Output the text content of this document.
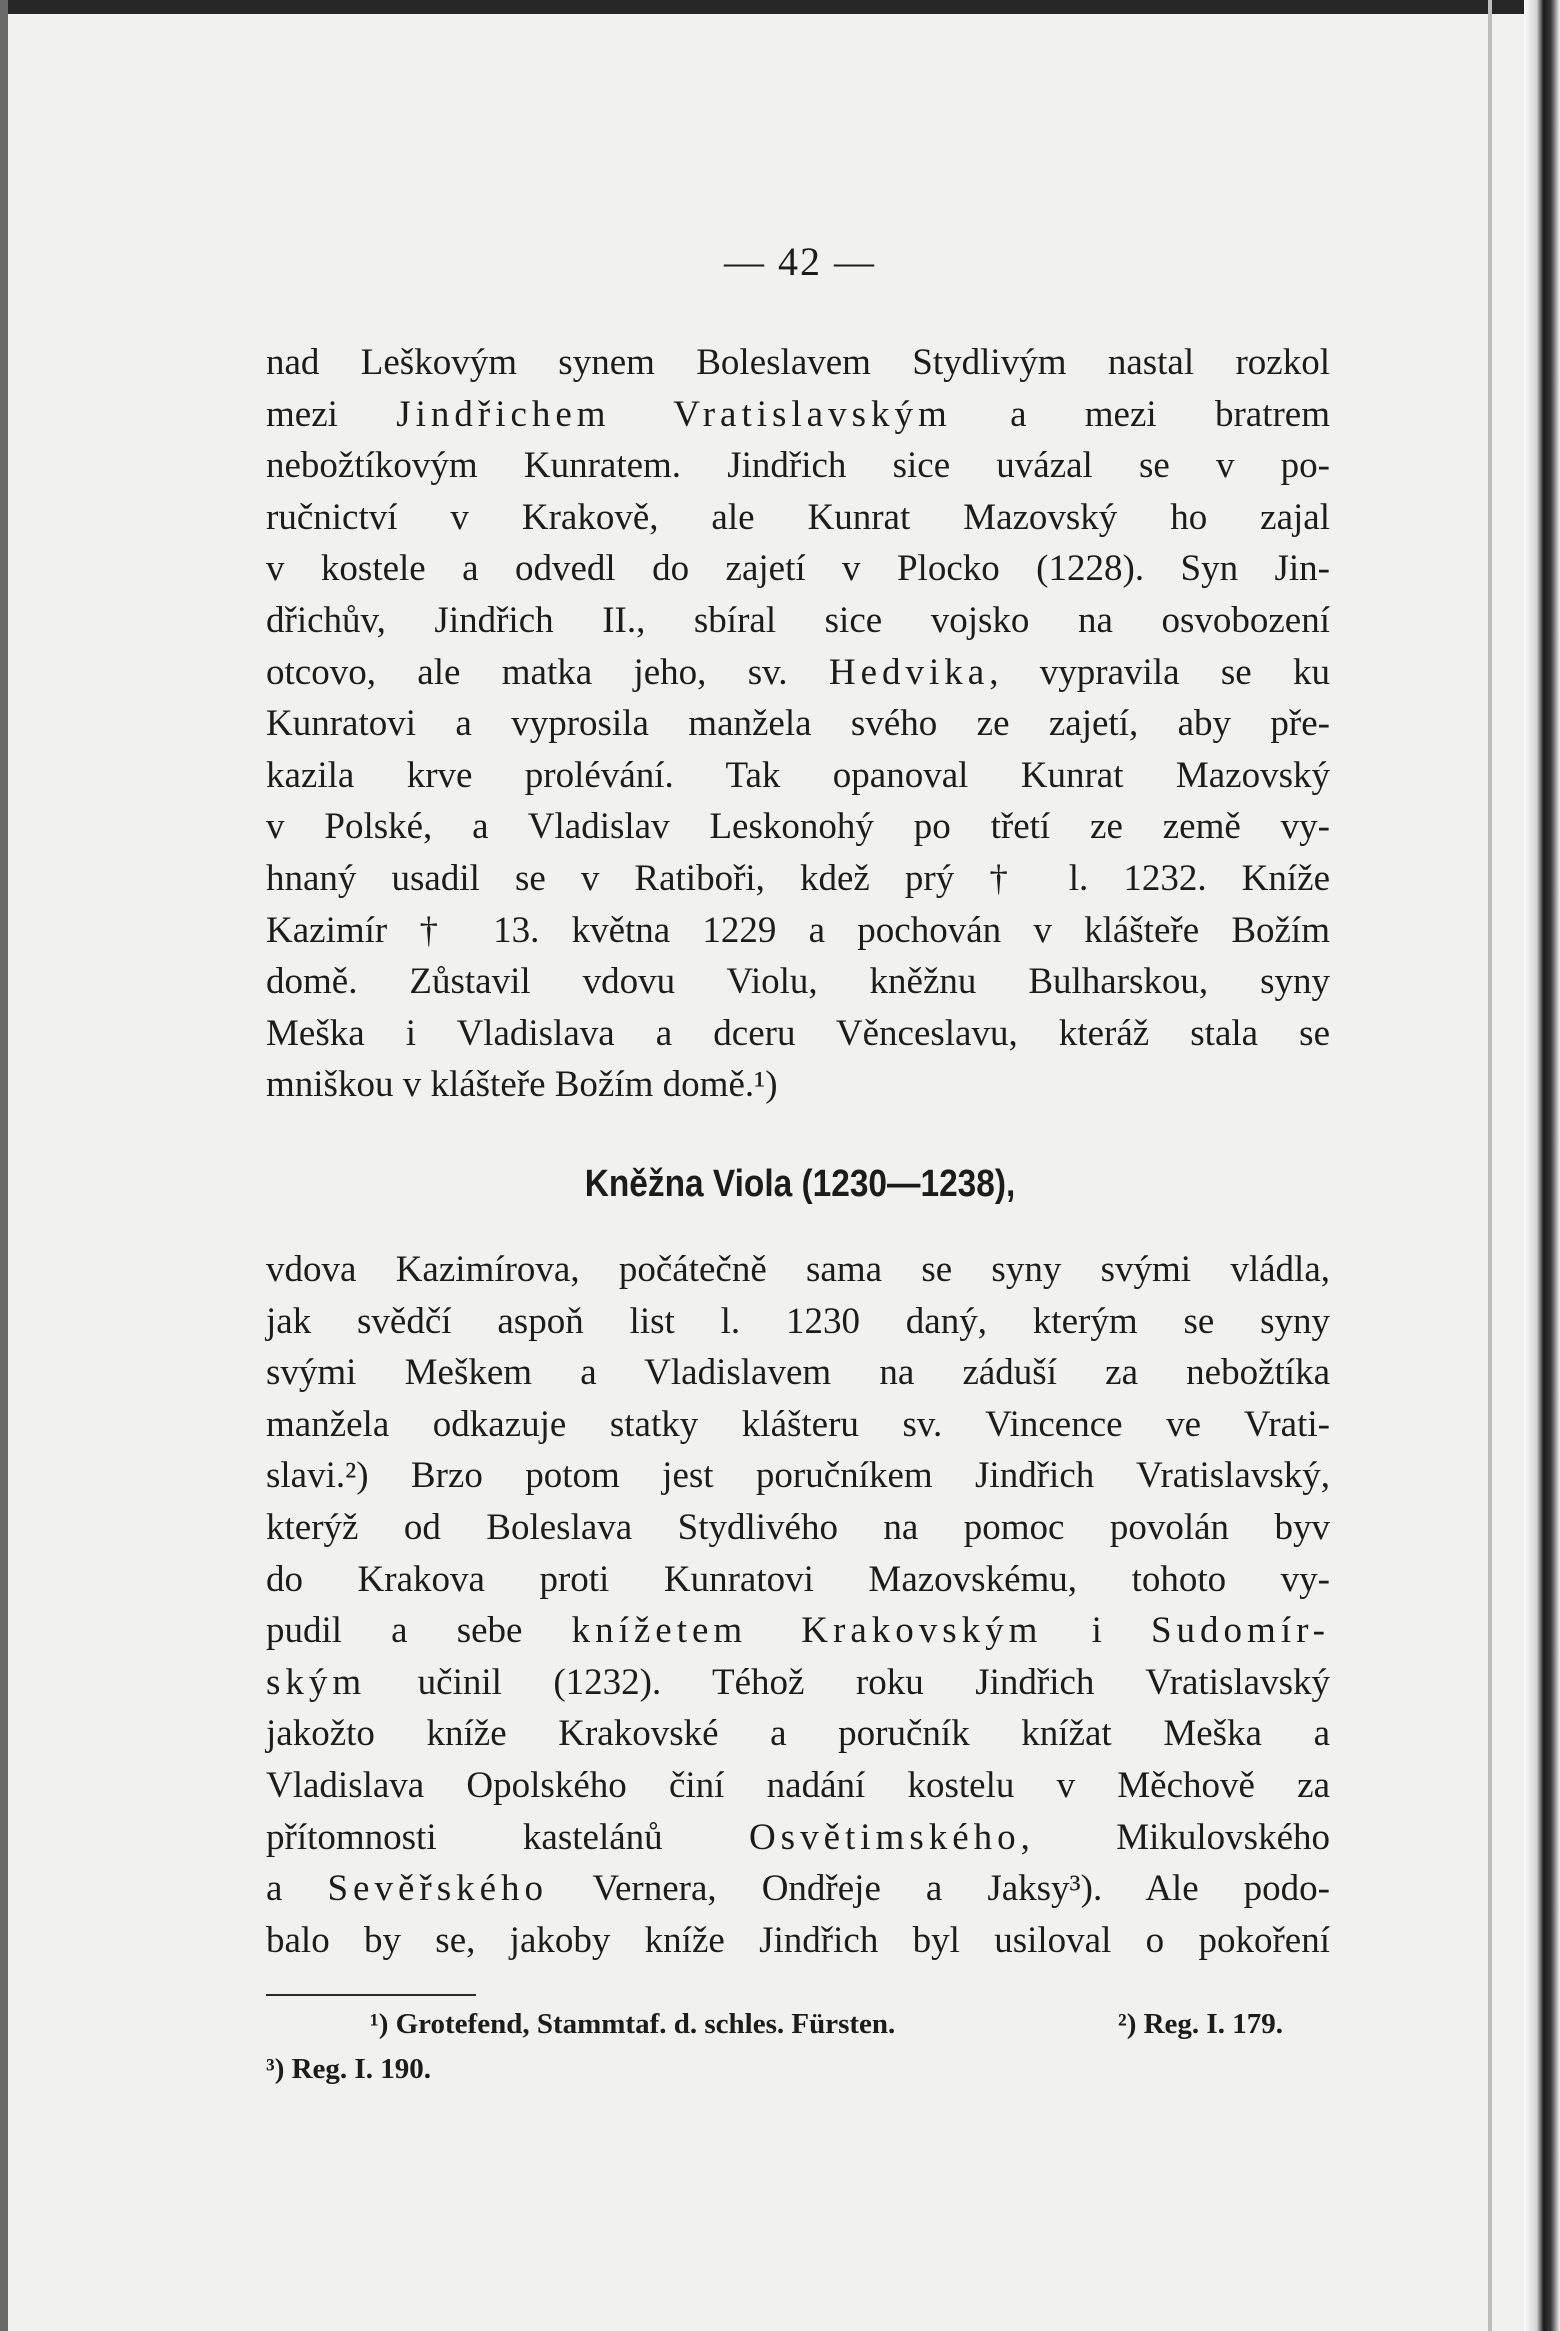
— 42 —
Kněžna Viola (1230—1238),
¹) Grotefend, Stammtaf. d. schles. Fürsten.	²) Reg. I. 179.
³) Reg. I. 190.
nad Leškovým synem Boleslavem Stydlivým nastal rozkol
mezi Jindřichem Vratislavským a mezi bratrem
nebožtíkovým Kunratem. Jindřich sice uvázal se v po-
ručnictví v Krakově, ale Kunrat Mazovský ho zajal
v kostele a odvedl do zajetí v Plocko (1228). Syn Jin-
dřichův, Jindřich II., sbíral sice vojsko na osvobození
otcovo, ale matka jeho, sv. Hedvika, vypravila se ku
Kunratovi a vyprosila manžela svého ze zajetí, aby pře-
kazila krve prolévání. Tak opanoval Kunrat Mazovský
v Polské, a Vladislav Leskonohý po třetí ze země vy-
hnaný usadil se v Ratiboři, kdež prý † l. 1232. Kníže
Kazimír † 13. května 1229 a pochován v klášteře Božím
domě. Zůstavil vdovu Violu, kněžnu Bulharskou, syny
Meška i Vladislava a dceru Věnceslavu, kteráž stala se
mniškou v klášteře Božím domě.¹)
vdova Kazimírova, počátečně sama se syny svými vládla,
jak svědčí aspoň list l. 1230 daný, kterým se syny
svými Meškem a Vladislavem na záduší za nebožtíka
manžela odkazuje statky klášteru sv. Vincence ve Vrati-
slavi.²) Brzo potom jest poručníkem Jindřich Vratislavský,
kterýž od Boleslava Stydlivého na pomoc povolán byv
do Krakova proti Kunratovi Mazovskému, tohoto vy-
pudil a sebe knížetem Krakovským i Sudomír-
ským učinil (1232). Téhož roku Jindřich Vratislavský
jakožto kníže Krakovské a poručník knížat Meška a
Vladislava Opolského činí nadání kostelu v Měchově za
přítomnosti kastelánů Osvětimského, Mikulovského
a Sevěřského Vernera, Ondřeje a Jaksy³). Ale podo-
balo by se, jakoby kníže Jindřich byl usiloval o pokoření
